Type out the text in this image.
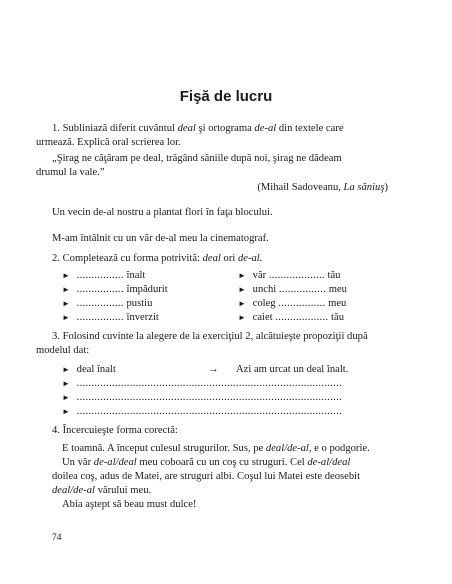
Fişă de lucru
1. Subliniază diferit cuvântul deal şi ortograma de-al din textele care
urmează. Explică oral scrierea lor.
„Şirag ne căţăram pe deal, trăgând săniile după noi, şirag ne dădeam
drumul la vale.”
(Mihail Sadoveanu, La săniuş)
Un vecin de-al nostru a plantat flori în faţa blocului.
M-am întâlnit cu un văr de-al meu la cinematograf.
2. Completează cu forma potrivită: deal ori de-al.
► ................ înalt
► ................ împădurit
► ................ pustiu
► ................ înverzit
► văr ................... tău
► unchi ................ meu
► coleg ................ meu
► caiet .................. tău
3. Folosind cuvinte la alegere de la exerciţiul 2, alcătuieşte propoziţii după
modelul dat:
► deal înalt	→ Azi am urcat un deal înalt.
► ..........................................................................................
► ..........................................................................................
► ..........................................................................................
4. Încercuieşte forma corectă:
E toamnă. A început culesul strugurilor. Sus, pe deal/de-al, e o podgorie.
Un văr de-al/deal meu coboară cu un coş cu struguri. Cel de-al/deal
doilea coş, adus de Matei, are struguri albi. Coşul lui Matei este deosebit
deal/de-al vărului meu.
Abia aştept să beau must dulce!
74
